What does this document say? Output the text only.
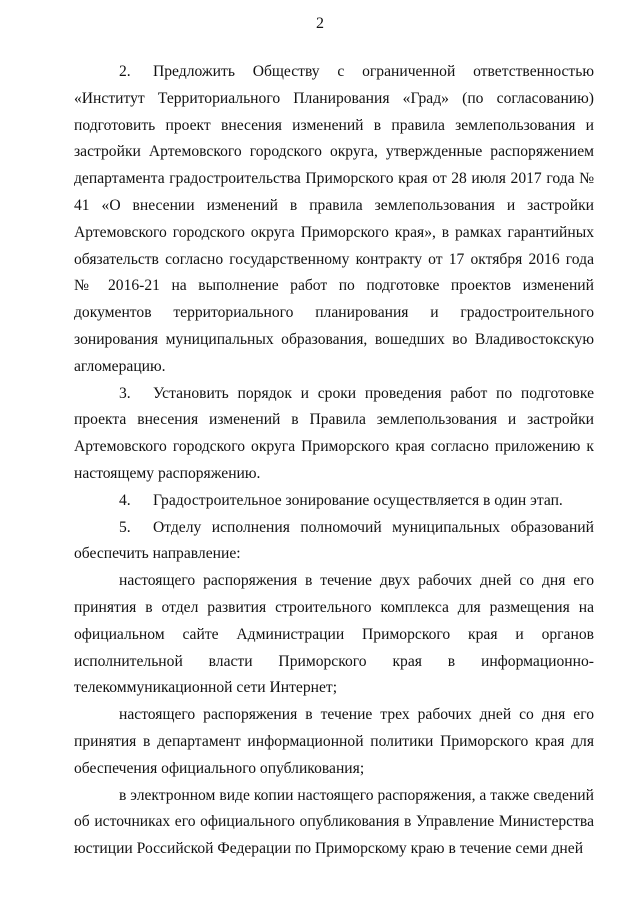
2

2. Предложить Обществу с ограниченной ответственностью «Институт Территориального Планирования «Град» (по согласованию) подготовить проект внесения изменений в правила землепользования и застройки Артемовского городского округа, утвержденные распоряжением департамента градостроительства Приморского края от 28 июля 2017 года № 41 «О внесении изменений в правила землепользования и застройки Артемовского городского округа Приморского края», в рамках гарантийных обязательств согласно государственному контракту от 17 октября 2016 года № 2016-21 на выполнение работ по подготовке проектов изменений документов территориального планирования и градостроительного зонирования муниципальных образования, вошедших во Владивостокскую агломерацию.

3. Установить порядок и сроки проведения работ по подготовке проекта внесения изменений в Правила землепользования и застройки Артемовского городского округа Приморского края согласно приложению к настоящему распоряжению.

4. Градостроительное зонирование осуществляется в один этап.

5. Отделу исполнения полномочий муниципальных образований обеспечить направление:

настоящего распоряжения в течение двух рабочих дней со дня его принятия в отдел развития строительного комплекса для размещения на официальном сайте Администрации Приморского края и органов исполнительной власти Приморского края в информационно-телекоммуникационной сети Интернет;

настоящего распоряжения в течение трех рабочих дней со дня его принятия в департамент информационной политики Приморского края для обеспечения официального опубликования;

в электронном виде копии настоящего распоряжения, а также сведений об источниках его официального опубликования в Управление Министерства юстиции Российской Федерации по Приморскому краю в течение семи дней
